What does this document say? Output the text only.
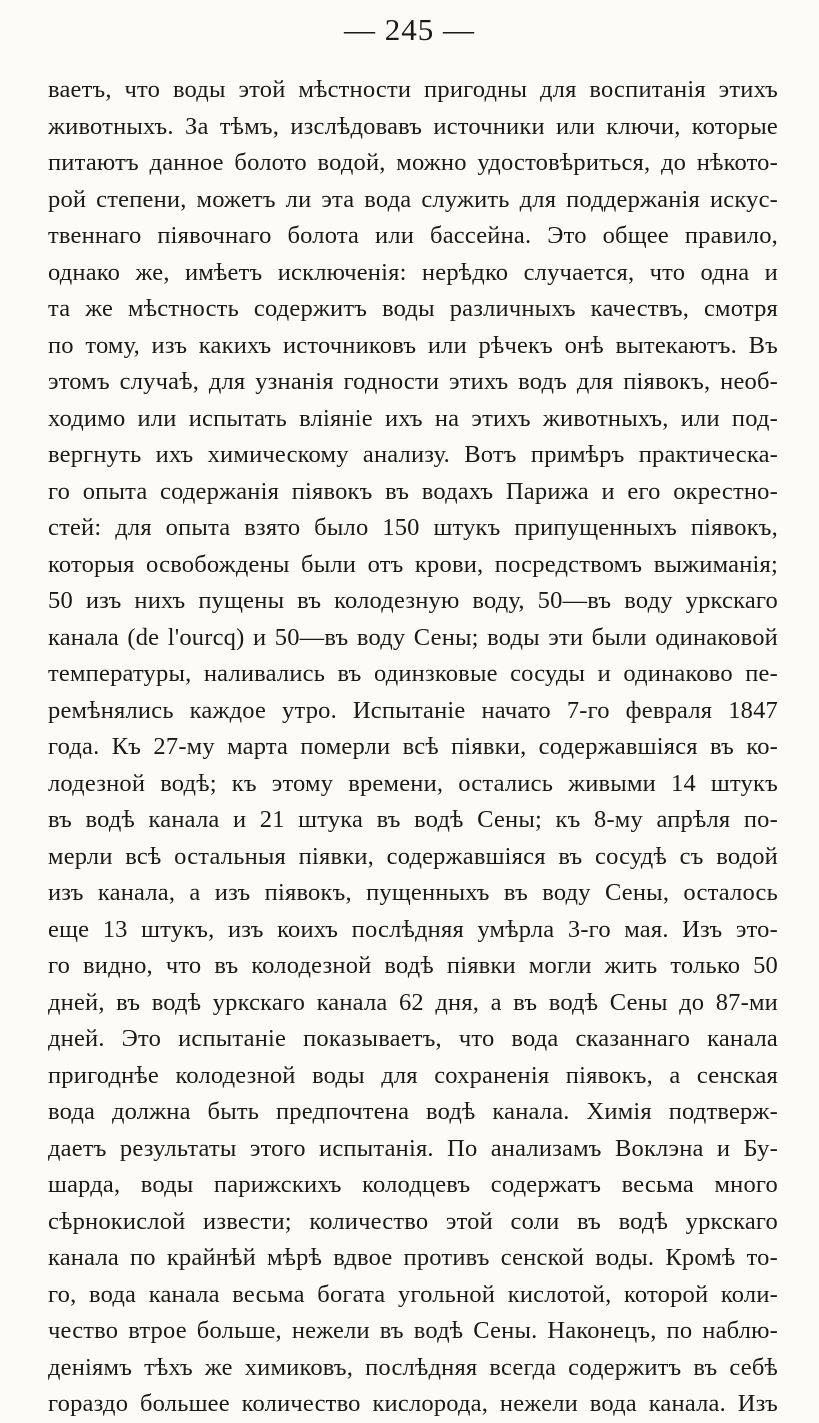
— 245 —
ваетъ, что воды этой мѣстности пригодны для воспитанія этихъ
животныхъ. За тѣмъ, изслѣдовавъ источники или ключи, которые
питаютъ данное болото водой, можно удостовѣриться, до нѣкото-
рой степени, можетъ ли эта вода служить для поддержанія искус-
твеннаго піявочнаго болота или бассейна. Это общее правило,
однако же, имѣетъ исключенія: нерѣдко случается, что одна и
та же мѣстность содержитъ воды различныхъ качествъ, смотря
по тому, изъ какихъ источниковъ или рѣчекъ онѣ вытекаютъ. Въ
этомъ случаѣ, для узнанія годности этихъ водъ для піявокъ, необ-
ходимо или испытать вліяніе ихъ на этихъ животныхъ, или под-
вергнуть ихъ химическому анализу. Вотъ примѣръ практическа-
го опыта содержанія піявокъ въ водахъ Парижа и его окрестно-
стей: для опыта взято было 150 штукъ припущенныхъ піявокъ,
которыя освобождены были отъ крови, посредствомъ выжиманія;
50 изъ нихъ пущены въ колодезную воду, 50—въ воду уркскаго
канала (de l'ourcq) и 50—въ воду Сены; воды эти были одинаковой
температуры, наливались въ одинзковые сосуды и одинаково пе-
ремѣнялись каждое утро. Испытаніе начато 7-го февраля 1847
года. Къ 27-му марта померли всѣ піявки, содержавшіяся въ ко-
лодезной водѣ; къ этому времени, остались живыми 14 штукъ
въ водѣ канала и 21 штука въ водѣ Сены; къ 8-му апрѣля по-
мерли всѣ остальныя піявки, содержавшіяся въ сосудѣ съ водой
изъ канала, а изъ піявокъ, пущенныхъ въ воду Сены, осталось
еще 13 штукъ, изъ коихъ послѣдняя умѣрла 3-го мая. Изъ это-
го видно, что въ колодезной водѣ піявки могли жить только 50
дней, въ водѣ уркскаго канала 62 дня, а въ водѣ Сены до 87-ми
дней. Это испытаніе показываетъ, что вода сказаннаго канала
пригоднѣе колодезной воды для сохраненія піявокъ, а сенская
вода должна быть предпочтена водѣ канала. Химія подтверж-
даетъ результаты этого испытанія. По анализамъ Воклэна и Бу-
шарда, воды парижскихъ колодцевъ содержатъ весьма много
сѣрнокислой извести; количество этой соли въ водѣ уркскаго
канала по крайнѣй мѣрѣ вдвое противъ сенской воды. Кромѣ то-
го, вода канала весьма богата угольной кислотой, которой коли-
чество втрое больше, нежели въ водѣ Сены. Наконецъ, по наблю-
деніямъ тѣхъ же химиковъ, послѣдняя всегда содержитъ въ себѣ
гораздо большее количество кислорода, нежели вода канала. Изъ
